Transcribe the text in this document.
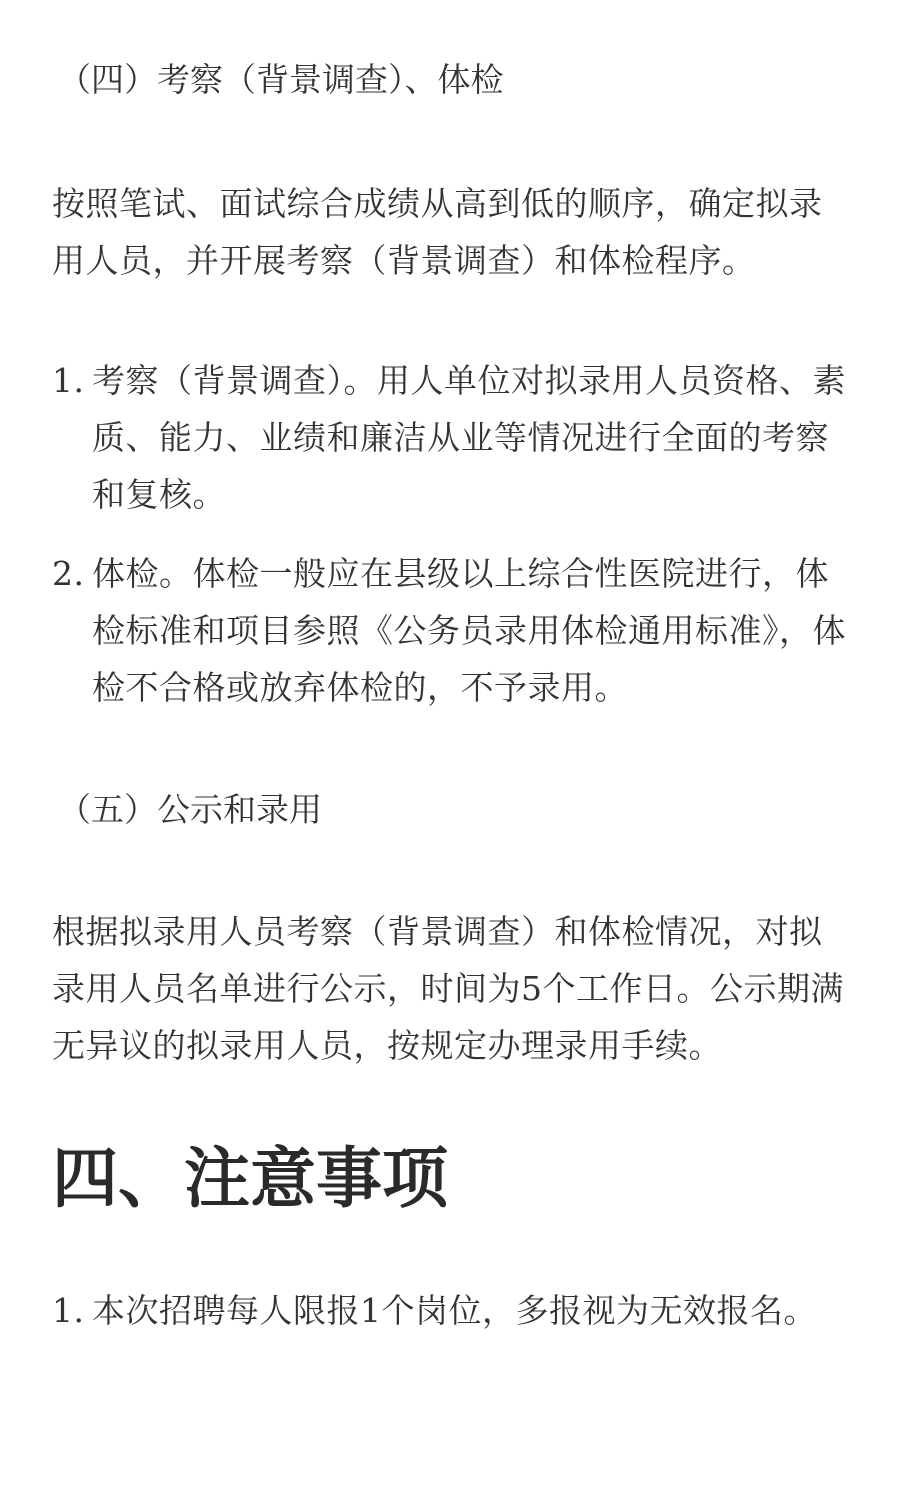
（四）考察（背景调查）、体检

按照笔试、面试综合成绩从高到低的顺序，确定拟录用人员，并开展考察（背景调查）和体检程序。

1. 考察（背景调查）。用人单位对拟录用人员资格、素质、能力、业绩和廉洁从业等情况进行全面的考察和复核。
2. 体检。体检一般应在县级以上综合性医院进行，体检标准和项目参照《公务员录用体检通用标准》，体检不合格或放弃体检的，不予录用。
（五）公示和录用

根据拟录用人员考察（背景调查）和体检情况，对拟录用人员名单进行公示，时间为5个工作日。公示期满无异议的拟录用人员，按规定办理录用手续。

四、注意事项
1. 本次招聘每人限报1个岗位，多报视为无效报名。
